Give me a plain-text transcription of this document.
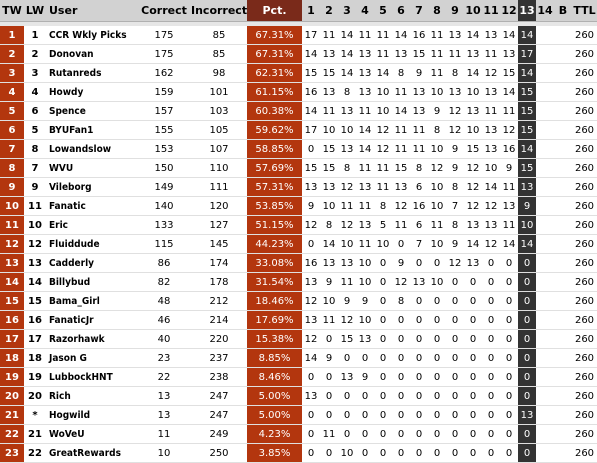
TW	LW	User	Correct	Incorrect	Pct.	1	2	3	4	5	6	7	8	9	10	11	12	13	14	B	TTL

1	1	CCR Wkly Picks	175	85	67.31%	17	11	14	11	11	14	16	11	13	14	13	14	14			260
2	2	Donovan	175	85	67.31%	14	13	14	13	11	13	15	11	11	13	11	13	17			260
3	3	Rutanreds	162	98	62.31%	15	15	14	13	14	8	9	11	8	14	12	15	14			260
4	4	Howdy	159	101	61.15%	16	13	8	13	10	11	13	10	13	10	13	14	15			260
5	6	Spence	157	103	60.38%	14	11	13	11	10	14	13	9	12	13	11	11	15			260
6	5	BYUFan1	155	105	59.62%	17	10	10	14	12	11	11	8	12	10	13	12	15			260
7	8	Lowandslow	153	107	58.85%	0	15	13	14	12	11	11	10	9	15	13	16	14			260
8	7	WVU	150	110	57.69%	15	15	8	11	11	15	8	12	9	12	10	9	15			260
9	9	Vileborg	149	111	57.31%	13	13	12	13	11	13	6	10	8	12	14	11	13			260
10	11	Fanatic	140	120	53.85%	9	10	11	11	8	12	16	10	7	12	12	13	9			260
11	10	Eric	133	127	51.15%	12	8	12	13	5	11	6	11	8	13	13	11	10			260
12	12	Fluiddude	115	145	44.23%	0	14	10	11	10	0	7	10	9	14	12	14	14			260
13	13	Cadderly	86	174	33.08%	16	13	13	10	0	9	0	0	12	13	0	0	0			260
14	14	Billybud	82	178	31.54%	13	9	11	10	0	12	13	10	0	0	0	0	0			260
15	15	Bama_Girl	48	212	18.46%	12	10	9	9	0	8	0	0	0	0	0	0	0			260
16	16	FanaticJr	46	214	17.69%	13	11	12	10	0	0	0	0	0	0	0	0	0			260
17	17	Razorhawk	40	220	15.38%	12	0	15	13	0	0	0	0	0	0	0	0	0			260
18	18	Jason G	23	237	8.85%	14	9	0	0	0	0	0	0	0	0	0	0	0			260
19	19	LubbockHNT	22	238	8.46%	0	0	13	9	0	0	0	0	0	0	0	0	0			260
20	20	Rich	13	247	5.00%	13	0	0	0	0	0	0	0	0	0	0	0	0			260
21	*	Hogwild	13	247	5.00%	0	0	0	0	0	0	0	0	0	0	0	0	13			260
22	21	WoVeU	11	249	4.23%	0	11	0	0	0	0	0	0	0	0	0	0	0			260
23	22	GreatRewards	10	250	3.85%	0	0	10	0	0	0	0	0	0	0	0	0	0			260
